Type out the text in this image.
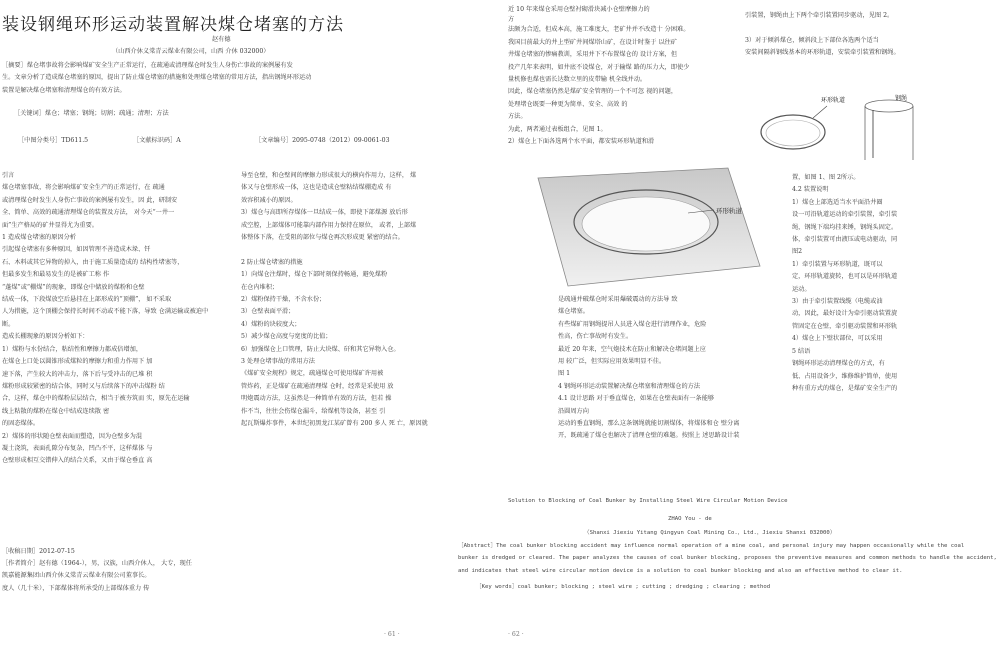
装设钢绳环形运动装置解决煤仓堵塞的方法
赵有德
（山西介休义棠青云煤业有限公司，山西 介休 032000）
［摘要］煤仓堵事故将会影响煤矿安全生产正常运行，在疏通或清理煤仓时发生人身伤亡事故的案例屡有发
生。文章分析了造成煤仓堵塞的原因，提出了防止煤仓堵塞的措施和处理煤仓堵塞的常用方法，指出钢绳环形运动
装置是解决煤仓堵塞和清理煤仓的有效方法。
［关键词］煤仓；堵塞；钢绳；切割；疏通；清理；方法
［中图分类号］TD611.5	［文献标识码］A	［文章编号］2095-0748（2012）09-0061-03
引言
煤仓堵塞事故，将会影响煤矿安全生产的正常运行，在 疏通
或清理煤仓时发生人身伤亡事故的案例屡有发生，因 此，研制安
全、简单、高效的疏通清理煤仓的装置及方法， 对今天“一井一
面”生产格局的矿井显得尤为重要。
1 造成煤仓堵塞的原因分析
引起煤仓堵塞有多种原因，如因管理不善造成木垛、钎
石、木料或其它异物的掉入，由于施工质量造成的 结构性堵塞等，
但最多发生和最易发生的是被矿工称 作
“蓬煤”或“棚煤”的现象，即煤仓中储放的煤粉和仓壁
结成一体，下段煤放空后悬挂在上部形成的“顶棚”， 如不采取
人为措施，这个顶棚会保持长时间不动或不能下落，导致 仓满运输或被迫中
断。
造成长棚现象的原因分析如下：
1）煤粉与水份结合，粘结性和摩擦力都成倍增加，
在煤仓上口处以圆锥形成煤粒的摩擦力和重力作用下 加
速下落，产生较大的冲击力，落下后与受冲击的已堆 积
煤粉形成较紧密的结合体，同时又与后续落下的冲击煤粉 结
合，这样，煤仓中的煤粉层层结合，相当于被夯筑而 实，原先在运输
线上粘散的煤粉在煤仓中结成连续散 密
的固态煤体。
2）煤体的形状随仓壁表面而塑造，因为仓壁多为混
凝土浇筑，表面孔隙分布复杂，凹凸不平，这样煤体 与
仓壁形成相互交错伸入的结合关系，又由于煤仓垂直 高
导至仓壁，和仓壁间的摩擦力形成很大的横向作用力，这样， 煤
体又与仓壁形成一体，这也是造成仓壁粘结煤棚造成 有
效容积减小的原因。
3）煤仓与高即所存煤体一旦结成一体，即使下部煤源 放后形
成空腔，上部煤体可能靠内部作用力保持在原位， 或者，上部煤
体整体下落，在受阻的部位与煤仓再次形成更 紧密的结合。
2 防止煤仓堵塞的措施
1）向煤仓注煤时，煤仓下部时刻保持畅通，避免煤粉
在仓内堆积；
2）煤粉保持干燥，不含水份；
3）仓壁表面平滑；
4）煤粉的块较度大；
5）减少煤仓高度与宽度的比值；
6）加强煤仓上口管理，防止大块煤、矸和其它异物入仓。
3 处理仓堵事故的常用方法
《煤矿安全规程》规定，疏通煤仓可使用煤矿许用被
管炸药，正是煤矿在疏通清理煤 仓时，经常是采使用 放
明炮震动方法，这虽然是一种简单有效的方法，但若 操
作不当，往往会伤煤仓漏斗，给煤机等设备，甚至 引
起瓦斯爆炸事件，本世纪初黑龙江某矿曾有 200 多人 死 亡，原因就
［收稿日期］2012-07-15
［作者简介］赵有德（1964-），男，汉族，山西介休人， 大专，现任
凯嘉能源集团山西介休义棠青云煤业有限公司董事长。
度人（几十米），下部煤体将所承受的上部煤体重力 传
· 61 ·
近 10 年来煤仓采用仓壁衬砌滑块减小仓壁摩擦力的
方
法颇为合适，但成本高，施工难度大，老矿井并不改造十 分困难。
我国目前最大的井上型矿井间煤塔山矿，在设计时鉴于 以往矿
井煤仓堵塞的惨痛教训，采用并下不布置煤仓的 设计方案，但
投产几年来表明，如井底不设煤仓，对于输煤 路的压力大，即使少
量机修也煤也需长达数立里的皮带输 机全线并动。
因此，煤仓堵塞仍然是煤矿安全管理的一个不可忽 视的问题，
处理堵仓既要一种更为简单、安全、高效 的
方法。
为此，两者通过表板组合，见图 1。
2）煤仓上下面各选两个水平面，都安装环形轨道和滑
环形轨道
是疏通并破煤仓时采用爆破震动的方法导 致
煤仓堵塞。
有些煤矿用钢绳提吊人员进入煤仓进行清理作业，危险
性高，伤亡事故时有发生。
最近 20 年来，空气炮技术在防止和解决仓堵问题上应
用 较广泛，但实际应用效果明显不佳。
图 1
4 钢绳环形运动装置解决煤仓堵塞和清理煤仓的方法
4.1 设计思路 对于垂直煤仓，如果在仓壁表面有一条能够
沿圆周方向
运动的垂直钢绳，那么这条钢绳就能切割煤体，将煤体和仓 壁分离
开，既疏通了煤仓也解决了清理仓壁的难题。按照上 述思路设计装
引装置，钢绳由上下两个牵引装置同步驱动，见图 2。
3）对于倾斜煤仓，倾斜段上下部位各选两个适当
安装间隔斜钢线基本的环形轨道，安装牵引装置和钢绳。
环形轨道	钢绳
置，如图 1、图 2所示。
4.2 装置说明
1）煤仓上部选适当水平面沿井圈
设一可沿轨道运动的牵引装置，牵引装
绳，钢绳下端均挂来锤，钢绳头固定。
体，牵引装置可由液压或电动驱动，同
图2
1）牵引装置与环形轨道，既可以
定，环形轨道旋转，也可以是环形轨道
运动。
3）由于牵引装置线缆（电缆或油
动，因此，最好设计为牵引驱动装置旋
管固定在仓壁，牵引驱动装置和环形轨
4）煤仓上下壁状部位，可以采用
5 结语
钢绳环形运动清理煤仓的方式，有
低、占用设备少，维修维护简单，使用
种有重方式的煤仓，是煤矿安全生产的
Solution to Blocking of Coal Bunker by Installing Steel Wire Circular Motion Device
ZHAO You - de
（Shanxi Jiexiu Yitang Qingyun Coal Mining Co.，Ltd.，Jiexiu Shanxi 032000）
［Abstract］The coal bunker blocking accident may influence normal operation of a mine coal, and personal injury may happen occasionally while the coal
bunker is dredged or cleared. The paper analyzes the causes of coal bunker blocking, proposes the preventive measures and common methods to handle the accident,
and indicates that steel wire circular motion device is a solution to coal bunker blocking and also an effective method to clear it.
［Key words］coal bunker; blocking ; steel wire ; cutting ; dredging ; clearing ; method
· 62 ·
